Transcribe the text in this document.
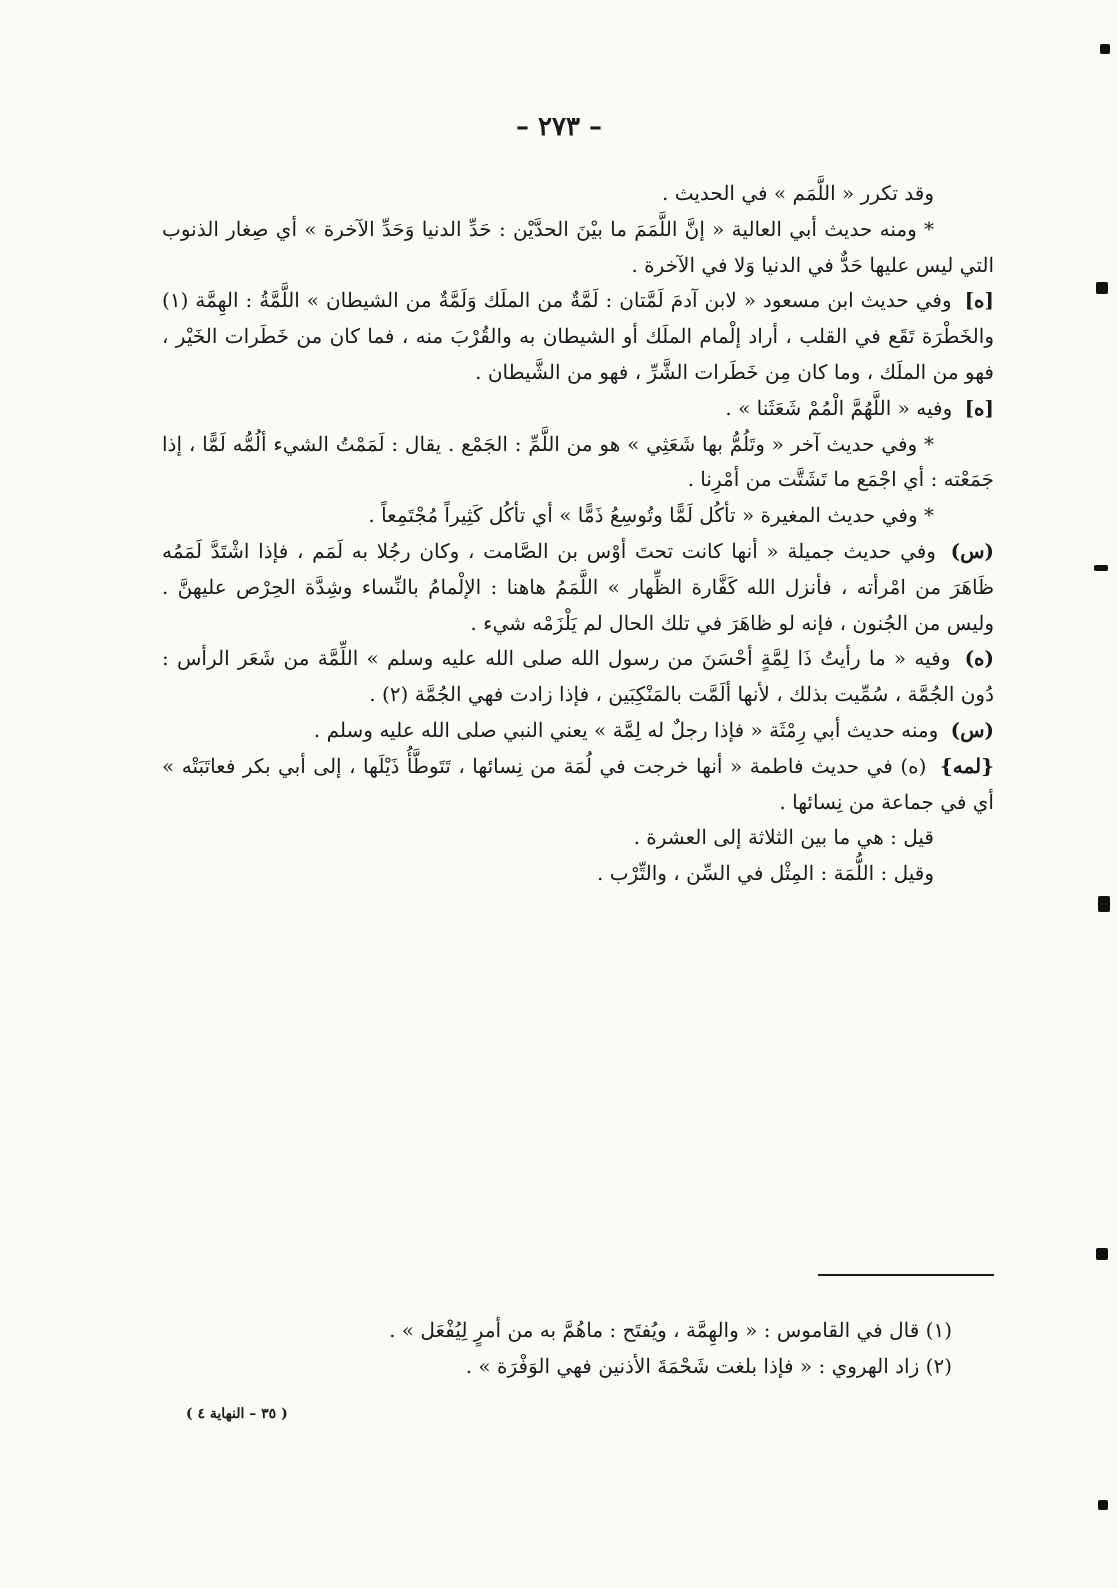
– ٢٧٣ –

وقد تكرر « اللَّمَم » في الحديث .

* ومنه حديث أبي العالية « إنَّ اللَّمَمَ ما بيْنَ الحدَّيْن : حَدِّ الدنيا وَحَدِّ الآخرة » أي صِغار الذنوب التي ليس عليها حَدٌّ في الدنيا وَلا في الآخرة .

[ه] وفي حديث ابن مسعود « لابن آدمَ لَمَّتان : لَمَّةٌ من الملَك وَلَمَّةٌ من الشيطان » اللَّمَّةُ : الهِمَّة (١) والخَطْرَة تَقَع في القلب ، أراد إلْمام الملَك أو الشيطان به والقُرْبَ منه ، فما كان من خَطَرات الخَيْر ، فهو من الملَك ، وما كان مِن خَطَرات الشَّرِّ ، فهو من الشَّيطان .

[ه] وفيه « اللَّهُمَّ الْمُمْ شَعَثَنا » .

* وفي حديث آخر « وتَلُمُّ بها شَعَثِي » هو من اللَّمِّ : الجَمْع . يقال : لَمَمْتُ الشيء ألُمُّه لَمًّا ، إذا جَمَعْته : أي اجْمَع ما تَشَتَّت من أمْرِنا .

* وفي حديث المغيرة « تأكُل لَمًّا وتُوسِعُ ذَمًّا » أي تأكُل كَثِيراً مُجْتَمِعاً .

(س) وفي حديث جميلة « أنها كانت تحتَ أوْس بن الصَّامت ، وكان رجُلا به لَمَم ، فإذا اشْتَدَّ لَمَمُه ظَاهَرَ من امْرأته ، فأنزل الله كَفَّارة الظِّهار » اللَّمَمُ هاهنا : الإلْمامُ بالنِّساء وشِدَّة الحِرْص عليهنَّ . وليس من الجُنون ، فإنه لو ظاهَرَ في تلك الحال لم يَلْزَمْه شيء .

(ه) وفيه « ما رأيتُ ذَا لِمَّةٍ أحْسَنَ من رسول الله صلى الله عليه وسلم » اللِّمَّة من شَعَر الرأس : دُون الجُمَّة ، سُمِّيت بذلك ، لأنها ألَمَّت بالمَنْكِبَين ، فإذا زادت فهي الجُمَّة (٢) .

(س) ومنه حديث أبي رِمْثَة « فإذا رجلٌ له لِمَّة » يعني النبي صلى الله عليه وسلم .

{لمه} (ه) في حديث فاطمة « أنها خرجت في لُمَة من نِسائها ، تَتَوطَّأُ ذَيْلَها ، إلى أبي بكر فعاتَبَتْه » أي في جماعة من نِسائها .

قيل : هي ما بين الثلاثة إلى العشرة .

وقيل : اللُّمَة : المِثْل في السِّن ، والتِّرْب .

(١) قال في القاموس : « والهِمَّة ، ويُفتَح : ماهُمَّ به من أمرٍ لِيُفْعَل » .

(٢) زاد الهروي : « فإذا بلغت شَحْمَةَ الأذنين فهي الوَفْرَة » .

( ٣٥ – النهاية ٤ )
